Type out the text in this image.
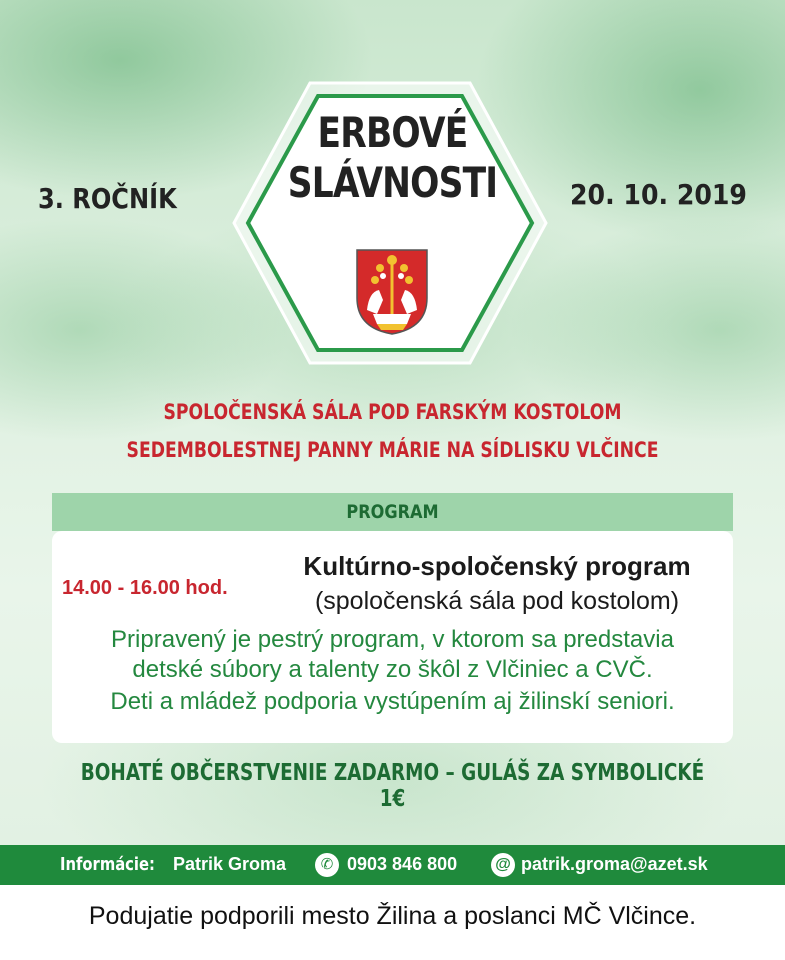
ERBOVÉ
SLÁVNOSTI
3. ROČNÍK	20. 10. 2019
SPOLOČENSKÁ SÁLA POD FARSKÝM KOSTOLOM
SEDEMBOLESTNEJ PANNY MÁRIE NA SÍDLISKU VLČINCE
PROGRAM
14.00 - 16.00 hod.
Kultúrno-spoločenský program
(spoločenská sála pod kostolom)
Pripravený je pestrý program, v ktorom sa predstavia
detské súbory a talenty zo škôl z Vlčiniec a CVČ.
Deti a mládež podporia vystúpením aj žilinskí seniori.
BOHATÉ OBČERSTVENIE ZADARMO – GULÁŠ ZA SYMBOLICKÉ 1€
Informácie: Patrik Groma	✆ 0903 846 800 @ patrik.groma@azet.sk
Podujatie podporili mesto Žilina a poslanci MČ Vlčince.
